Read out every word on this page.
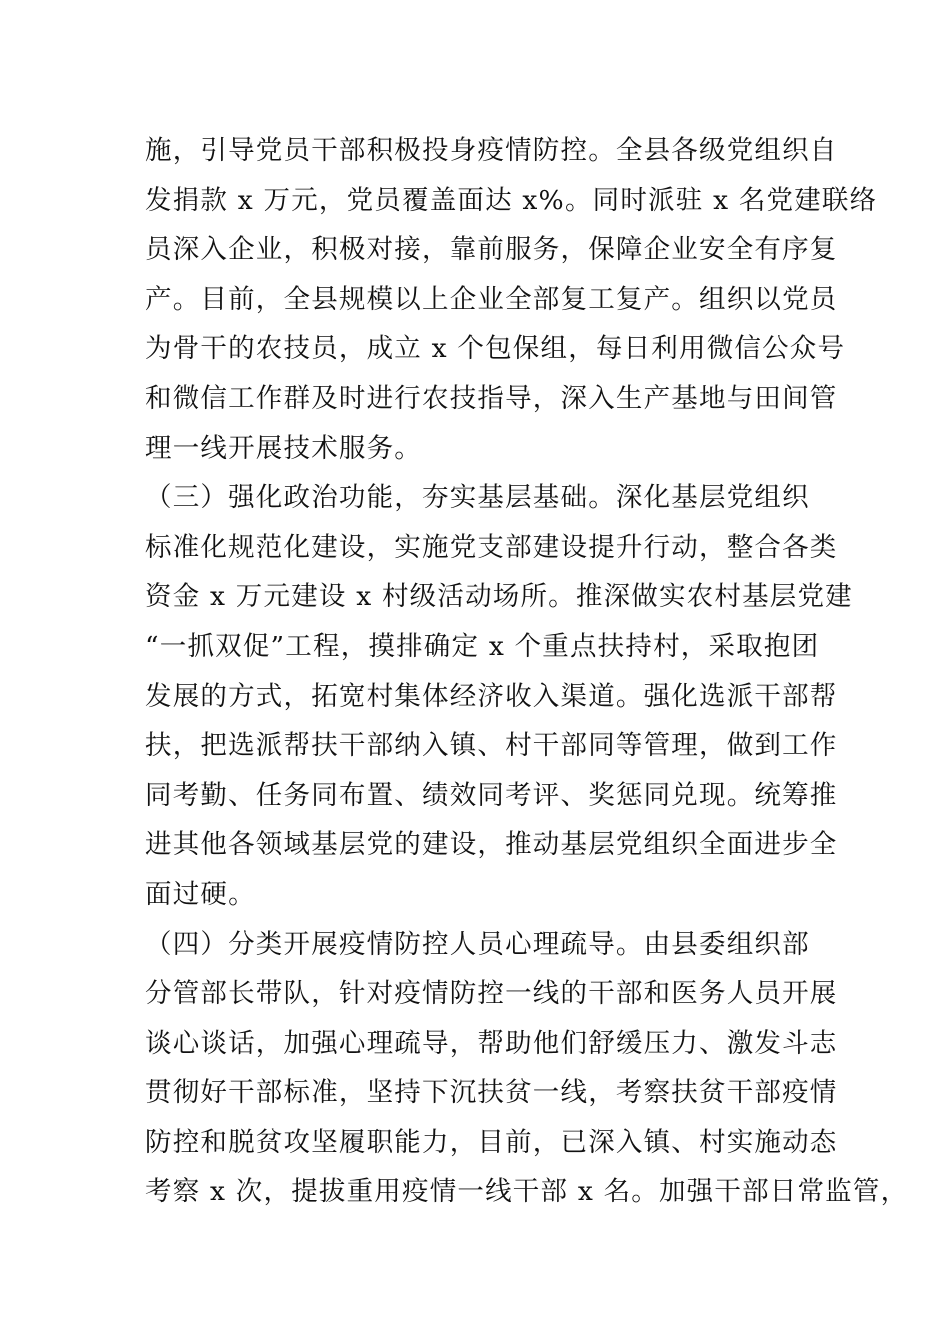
施，引导党员干部积极投身疫情防控。全县各级党组织自
发捐款 x 万元，党员覆盖面达 x%。同时派驻 x 名党建联络
员深入企业，积极对接，靠前服务，保障企业安全有序复
产。目前，全县规模以上企业全部复工复产。组织以党员
为骨干的农技员，成立 x 个包保组，每日利用微信公众号
和微信工作群及时进行农技指导，深入生产基地与田间管
理一线开展技术服务。
（三）强化政治功能，夯实基层基础。深化基层党组织
标准化规范化建设，实施党支部建设提升行动，整合各类
资金 x 万元建设 x 村级活动场所。推深做实农村基层党建
“一抓双促”工程，摸排确定 x 个重点扶持村，采取抱团
发展的方式，拓宽村集体经济收入渠道。强化选派干部帮
扶，把选派帮扶干部纳入镇、村干部同等管理，做到工作
同考勤、任务同布置、绩效同考评、奖惩同兑现。统筹推
进其他各领域基层党的建设，推动基层党组织全面进步全
面过硬。
（四）分类开展疫情防控人员心理疏导。由县委组织部
分管部长带队，针对疫情防控一线的干部和医务人员开展
谈心谈话，加强心理疏导，帮助他们舒缓压力、激发斗志
贯彻好干部标准，坚持下沉扶贫一线，考察扶贫干部疫情
防控和脱贫攻坚履职能力，目前，已深入镇、村实施动态
考察 x 次，提拔重用疫情一线干部 x 名。加强干部日常监管，
